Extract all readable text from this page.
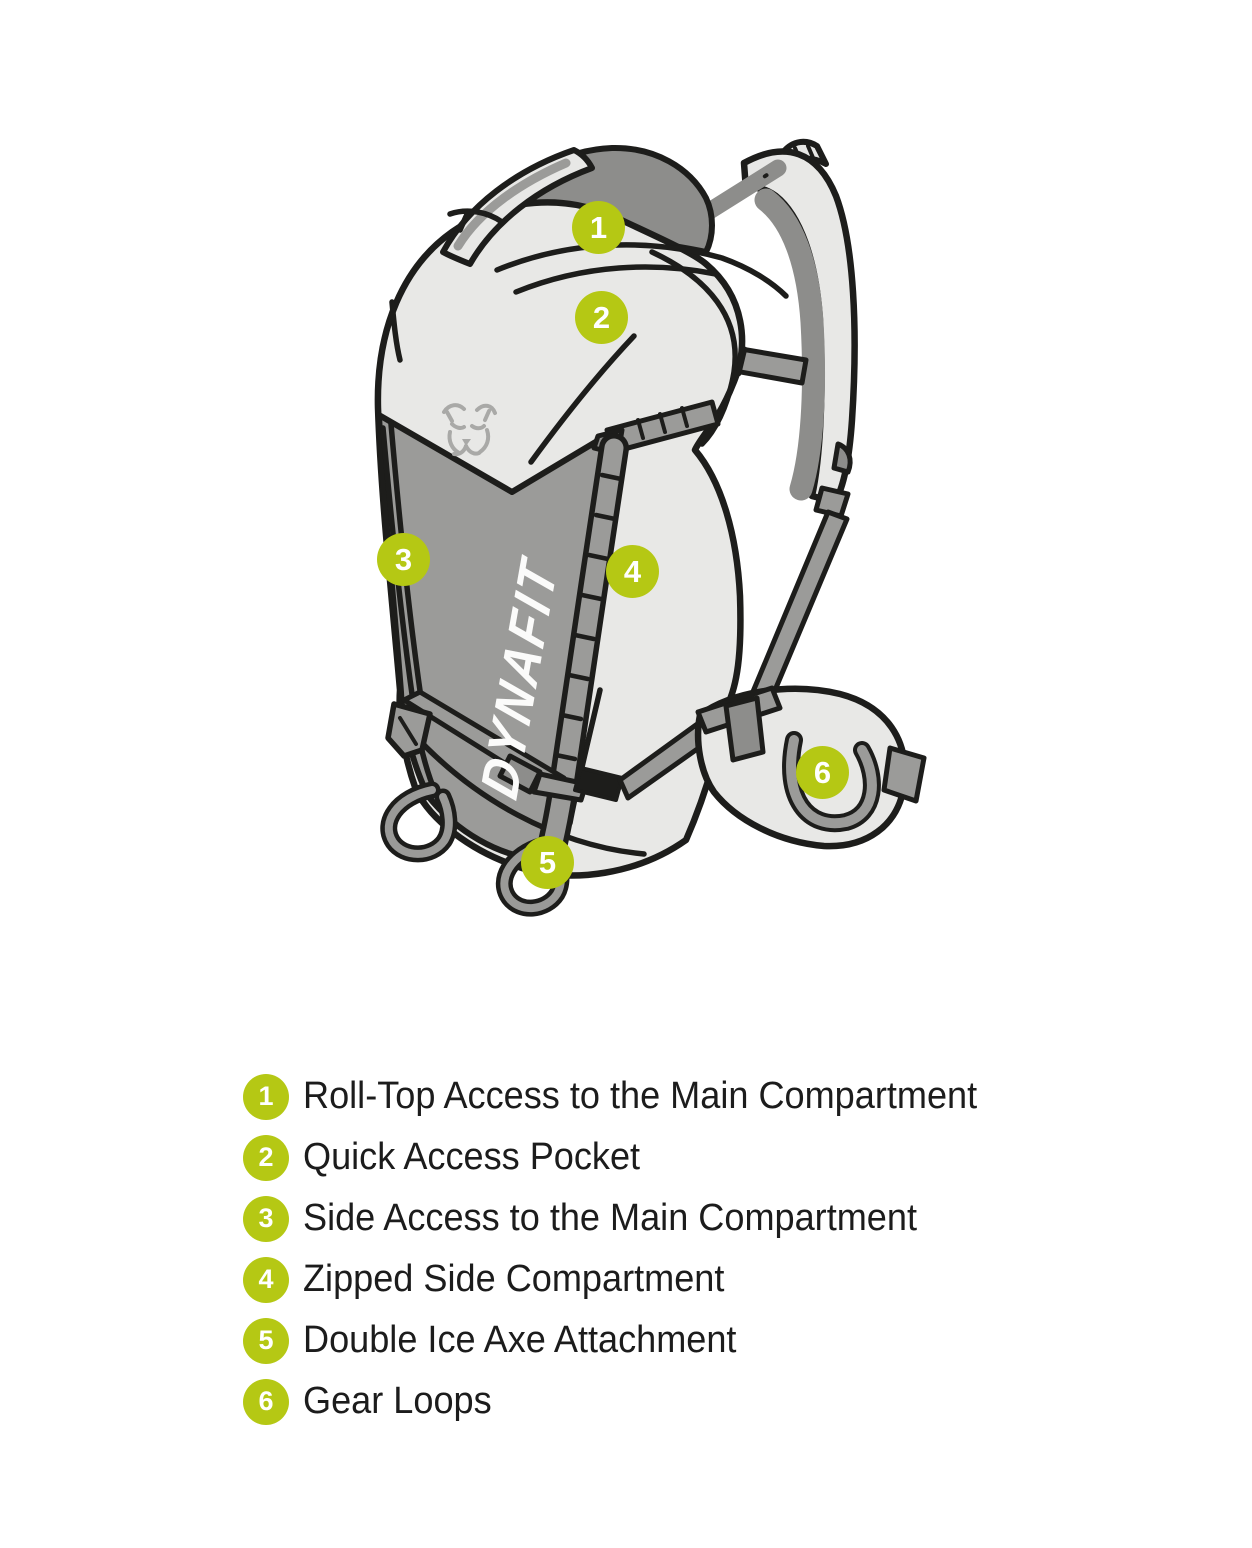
DYNAFIT
1
2
3	4
5
6
1 Roll-Top Access to the Main Compartment
2 Quick Access Pocket
3 Side Access to the Main Compartment
4 Zipped Side Compartment
5 Double Ice Axe Attachment
6 Gear Loops
